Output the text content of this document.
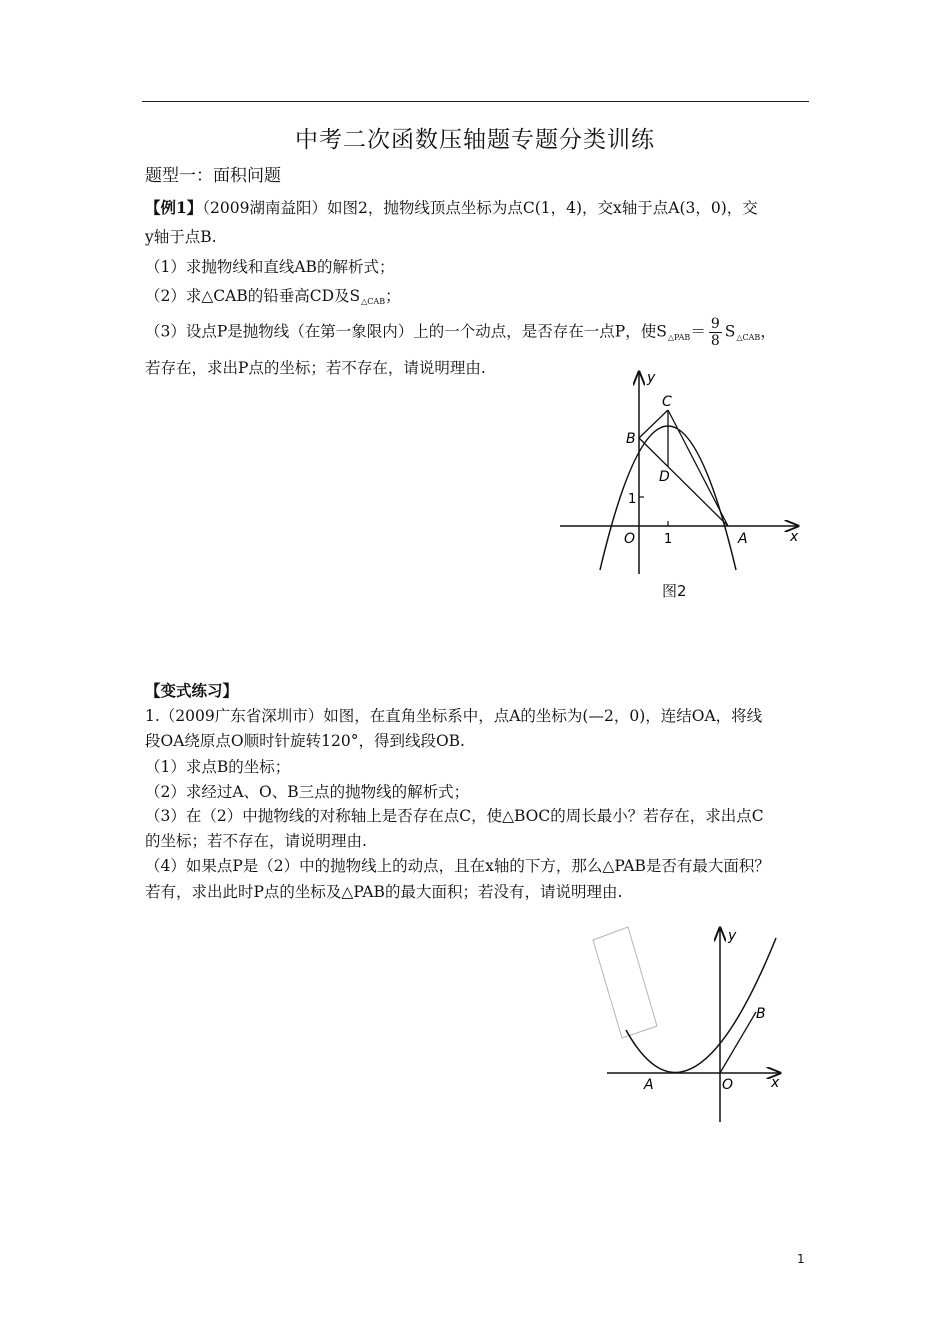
中考二次函数压轴题专题分类训练
题型一：面积问题
【例1】（2009湖南益阳）如图2，抛物线顶点坐标为点C(1，4)，交x轴于点A(3，0)，交
y轴于点B.
（1）求抛物线和直线AB的解析式；
（2）求△CAB的铅垂高CD及$S_{\triangle CAB}$；
（3）设点P是抛物线（在第一象限内）上的一个动点，是否存在一点P，使$S_{\triangle PAB}= \frac{9}{8} S_{\triangle CAB}$，
若存在，求出P点的坐标；若不存在，请说明理由.
y
C
B
D
1
O 1	A	x
图2
【变式练习】
1.（2009广东省深圳市）如图，在直角坐标系中，点A的坐标为(—2，0)，连结OA，将线
段OA绕原点O顺时针旋转120°，得到线段OB.
（1）求点B的坐标；
（2）求经过A、O、B三点的抛物线的解析式；
（3）在（2）中抛物线的对称轴上是否存在点C，使△BOC的周长最小？若存在，求出点C
的坐标；若不存在，请说明理由.
（4）如果点P是（2）中的抛物线上的动点，且在x轴的下方，那么△PAB是否有最大面积？
若有，求出此时P点的坐标及△PAB的最大面积；若没有，请说明理由.
y
B
A	O	x
1
